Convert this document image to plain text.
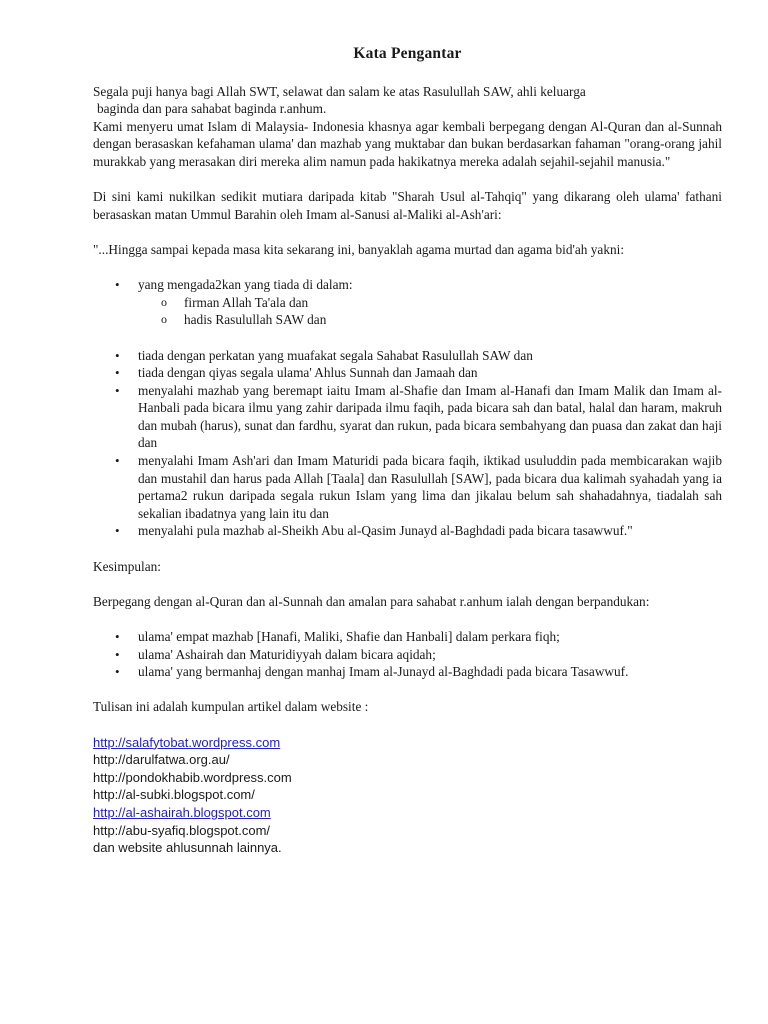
Kata Pengantar

Segala puji hanya bagi Allah SWT, selawat dan salam ke atas Rasulullah SAW, ahli keluarga

baginda dan para sahabat baginda r.anhum.

Kami menyeru umat Islam di Malaysia- Indonesia khasnya agar kembali berpegang dengan Al-Quran dan al-Sunnah dengan berasaskan kefahaman ulama' dan mazhab yang muktabar dan bukan berdasarkan fahaman "orang-orang jahil murakkab yang merasakan diri mereka alim namun pada hakikatnya mereka adalah sejahil-sejahil manusia."

Di sini kami nukilkan sedikit mutiara daripada kitab "Sharah Usul al-Tahqiq" yang dikarang oleh ulama' fathani berasaskan matan Ummul Barahin oleh Imam al-Sanusi al-Maliki al-Ash'ari:

"...Hingga sampai kepada masa kita sekarang ini, banyaklah agama murtad dan agama bid'ah yakni:

• yang mengada2kan yang tiada di dalam:
o firman Allah Ta'ala dan
o hadis Rasulullah SAW dan
• tiada dengan perkatan yang muafakat segala Sahabat Rasulullah SAW dan
• tiada dengan qiyas segala ulama' Ahlus Sunnah dan Jamaah dan
• menyalahi mazhab yang beremapt iaitu Imam al-Shafie dan Imam al-Hanafi dan Imam Malik dan Imam al-Hanbali pada bicara ilmu yang zahir daripada ilmu faqih, pada bicara sah dan batal, halal dan haram, makruh dan mubah (harus), sunat dan fardhu, syarat dan rukun, pada bicara sembahyang dan puasa dan zakat dan haji dan
• menyalahi Imam Ash'ari dan Imam Maturidi pada bicara faqih, iktikad usuluddin pada membicarakan wajib dan mustahil dan harus pada Allah [Taala] dan Rasulullah [SAW], pada bicara dua kalimah syahadah yang ia pertama2 rukun daripada segala rukun Islam yang lima dan jikalau belum sah shahadahnya, tiadalah sah sekalian ibadatnya yang lain itu dan
• menyalahi pula mazhab al-Sheikh Abu al-Qasim Junayd al-Baghdadi pada bicara tasawwuf."

Kesimpulan:

Berpegang dengan al-Quran dan al-Sunnah dan amalan para sahabat r.anhum ialah dengan berpandukan:

• ulama' empat mazhab [Hanafi, Maliki, Shafie dan Hanbali] dalam perkara fiqh;
• ulama' Ashairah dan Maturidiyyah dalam bicara aqidah;
• ulama' yang bermanhaj dengan manhaj Imam al-Junayd al-Baghdadi pada bicara Tasawwuf.

Tulisan ini adalah kumpulan artikel dalam website :

http://salafytobat.wordpress.com
http://darulfatwa.org.au/
http://pondokhabib.wordpress.com
http://al-subki.blogspot.com/
http://al-ashairah.blogspot.com
http://abu-syafiq.blogspot.com/
dan website ahlusunnah lainnya.
